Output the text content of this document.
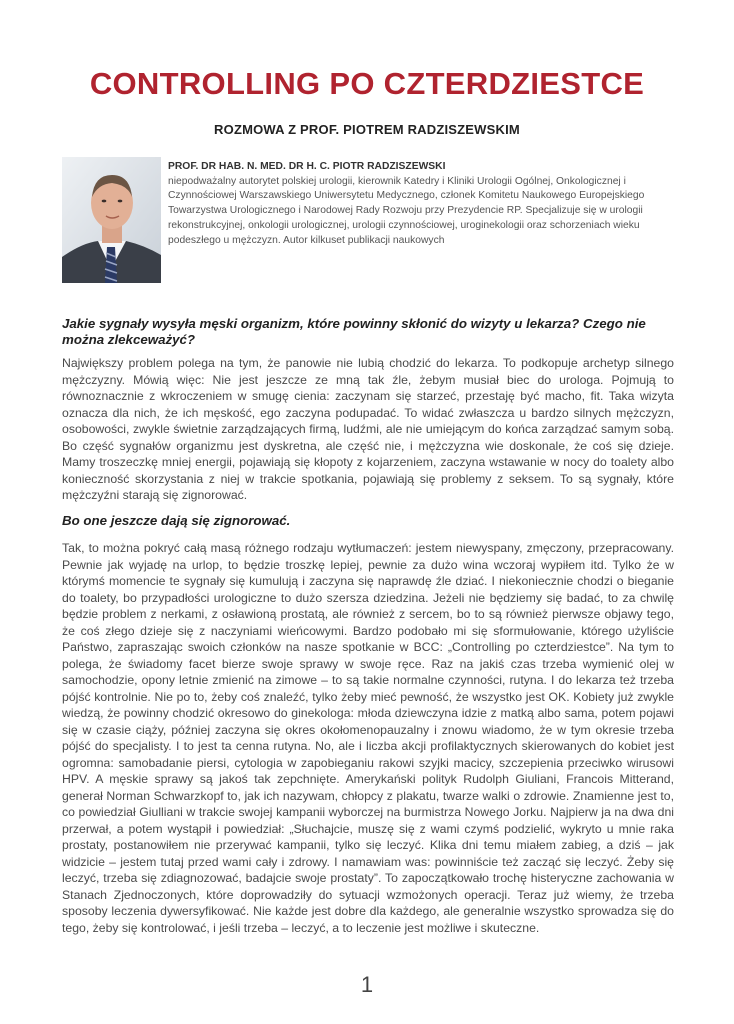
CONTROLLING PO CZTERDZIESTCE
ROZMOWA Z PROF. PIOTREM RADZISZEWSKIM
PROF. DR HAB. N. MED. DR H. C. PIOTR RADZISZEWSKI
niepodważalny autorytet polskiej urologii, kierownik Katedry i Kliniki Urologii Ogólnej, Onkologicznej i Czynnościowej Warszawskiego Uniwersytetu Medycznego, członek Komitetu Naukowego Europejskiego Towarzystwa Urologicznego i Narodowej Rady Rozwoju przy Prezydencie RP. Specjalizuje się w urologii rekonstrukcyjnej, onkologii urologicznej, urologii czynnościowej, uroginekologii oraz schorzeniach wieku podeszłego u mężczyzn. Autor kilkuset publikacji naukowych
Jakie sygnały wysyła męski organizm, które powinny skłonić do wizyty u lekarza? Czego nie można zlekceważyć?
Największy problem polega na tym, że panowie nie lubią chodzić do lekarza. To podkopuje archetyp silnego mężczyzny. Mówią więc: Nie jest jeszcze ze mną tak źle, żebym musiał biec do urologa. Pojmują to równoznacznie z wkroczeniem w smugę cienia: zaczynam się starzeć, przestaję być macho, fit. Taka wizyta oznacza dla nich, że ich męskość, ego zaczyna podupadać. To widać zwłaszcza u bardzo silnych mężczyzn, osobowości, zwykle świetnie zarządzających firmą, ludźmi, ale nie umiejącym do końca zarządzać samym sobą. Bo część sygnałów organizmu jest dyskretna, ale część nie, i mężczyzna wie doskonale, że coś się dzieje. Mamy troszeczkę mniej energii, pojawiają się kłopoty z kojarzeniem, zaczyna wstawanie w nocy do toalety albo konieczność skorzystania z niej w trakcie spotkania, pojawiają się problemy z seksem. To są sygnały, które mężczyźni starają się zignorować.
Bo one jeszcze dają się zignorować.
Tak, to można pokryć całą masą różnego rodzaju wytłumaczeń: jestem niewyspany, zmęczony, przepracowany. Pewnie jak wyjadę na urlop, to będzie troszkę lepiej, pewnie za dużo wina wczoraj wypiłem itd. Tylko że w którymś momencie te sygnały się kumulują i zaczyna się naprawdę źle dziać. I niekoniecznie chodzi o bieganie do toalety, bo przypadłości urologiczne to dużo szersza dziedzina. Jeżeli nie będziemy się badać, to za chwilę będzie problem z nerkami, z osławioną prostatą, ale również z sercem, bo to są również pierwsze objawy tego, że coś złego dzieje się z naczyniami wieńcowymi. Bardzo podobało mi się sformułowanie, którego użyliście Państwo, zapraszając swoich członków na nasze spotkanie w BCC: „Controlling po czterdziestce”. Na tym to polega, że świadomy facet bierze swoje sprawy w swoje ręce. Raz na jakiś czas trzeba wymienić olej w samochodzie, opony letnie zmienić na zimowe – to są takie normalne czynności, rutyna. I do lekarza też trzeba pójść kontrolnie. Nie po to, żeby coś znaleźć, tylko żeby mieć pewność, że wszystko jest OK. Kobiety już zwykle wiedzą, że powinny chodzić okresowo do ginekologa: młoda dziewczyna idzie z matką albo sama, potem pojawi się w czasie ciąży, później zaczyna się okres okołomenopauzalny i znowu wiadomo, że w tym okresie trzeba pójść do specjalisty. I to jest ta cenna rutyna. No, ale i liczba akcji profilaktycznych skierowanych do kobiet jest ogromna: samobadanie piersi, cytologia w zapobieganiu rakowi szyjki macicy, szczepienia przeciwko wirusowi HPV. A męskie sprawy są jakoś tak zepchnięte. Amerykański polityk Rudolph Giuliani, Francois Mitterand, generał Norman Schwarzkopf to, jak ich nazywam, chłopcy z plakatu, twarze walki o zdrowie. Znamienne jest to, co powiedział Giulliani w trakcie swojej kampanii wyborczej na burmistrza Nowego Jorku. Najpierw ja na dwa dni przerwał, a potem wystąpił i powiedział: „Słuchajcie, muszę się z wami czymś podzielić, wykryto u mnie raka prostaty, postanowiłem nie przerywać kampanii, tylko się leczyć. Klika dni temu miałem zabieg, a dziś – jak widzicie – jestem tutaj przed wami cały i zdrowy. I namawiam was: powinniście też zacząć się leczyć. Żeby się leczyć, trzeba się zdiagnozować, badajcie swoje prostaty”. To zapoczątkowało trochę histeryczne zachowania w Stanach Zjednoczonych, które doprowadziły do sytuacji wzmożonych operacji. Teraz już wiemy, że trzeba sposoby leczenia dywersyfikować. Nie każde jest dobre dla każdego, ale generalnie wszystko sprowadza się do tego, żeby się kontrolować, i jeśli trzeba – leczyć, a to leczenie jest możliwe i skuteczne.
1
